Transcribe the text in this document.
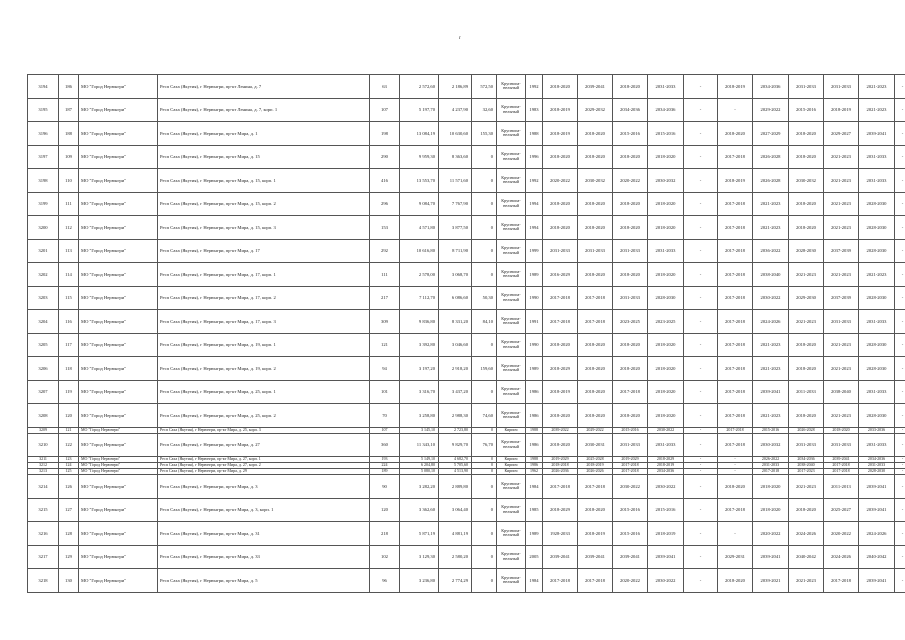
r
3194	186	МО "Город Нерюнгри"	Респ Саха (Якутия), г Нерюнгри, пр-кт Ленина, д. 7	63	2 572,60	2 186,89	572,50	Крупнопа-нельный	1992	2018-2020	2039-2041	2018-2020	2031-2033	-	2018-2019	2034-2036	2031-2033	2031-2033	2021-2023	-
3195	187	МО "Город Нерюнгри"	Респ Саха (Якутия), г Нерюнгри, пр-кт Ленина, д. 7, корп. 1	107	5 197,70	4 237,90	32,60	Крупнопа-нельный	1983	2018-2019	2029-2032	2034-2036	2034-2036	-	-	2029-2022	2015-2016	2018-2019	2021-2023	-
3196	188	МО "Город Нерюнгри"	Респ Саха (Якутия), г Нерюнгри, пр-кт Мира, д. 1	198	13 084,19	10 630,60	155,30	Крупнопа-нельный	1988	2018-2019	2018-2020	2015-2016	2015-2016	-	2018-2020	2027-2029	2018-2020	2029-2027	2039-2041	-
3197	109	МО "Город Нерюнгри"	Респ Саха (Якутия), г Нерюнгри, пр-кт Мира, д. 15	290	9 959,30	8 363,60	0	Крупнопа-нельный	1996	2018-2020	2018-2020	2018-2020	2018-2020	-	2017-2018	2026-2028	2018-2020	2021-2023	2031-2033	-
3198	110	МО "Город Нерюнгри"	Респ Саха (Якутия), г Нерюнгри, пр-кт Мира, д. 15, корп. 1	416	13 553,70	11 571,60	0	Крупнопа-нельный	1992	2020-2022	2030-2032	2020-2022	2030-2032	-	2018-2019	2026-2028	2030-2032	2021-2023	2031-2033	-
3199	111	МО "Город Нерюнгри"	Респ Саха (Якутия), г Нерюнгри, пр-кт Мира, д. 15, корп. 2	296	9 084,70	7 767,90	0	Крупнопа-нельный	1994	2018-2020	2018-2020	2018-2020	2018-2020	-	2017-2018	2021-2023	2018-2020	2021-2023	2028-2030	-
3200	112	МО "Город Нерюнгри"	Респ Саха (Якутия), г Нерюнгри, пр-кт Мира, д. 15, корп. 3	153	4 571,80	3 877,50	0	Крупнопа-нельный	1994	2018-2020	2018-2020	2018-2020	2018-2020	-	2017-2018	2021-2023	2018-2020	2021-2023	2028-2030	-
3201	113	МО "Город Нерюнгри"	Респ Саха (Якутия), г Нерюнгри, пр-кт Мира, д. 17	292	10 616,80	8 711,90	0	Крупнопа-нельный	1999	2031-2033	2031-2033	2031-2033	2031-2033	-	2017-2018	2036-2022	2028-2030	2037-2039	2028-2030	-
3202	114	МО "Город Нерюнгри"	Респ Саха (Якутия), г Нерюнгри, пр-кт Мира, д. 17, корп. 1	111	2 578,00	3 068,70	0	Крупнопа-нельный	1989	2016-2029	2018-2020	2018-2020	2018-2020	-	2017-2018	2038-2040	2021-2023	2021-2023	2021-2023	-
3203	115	МО "Город Нерюнгри"	Респ Саха (Якутия), г Нерюнгри, пр-кт Мира, д. 17, корп. 2	217	7 112,70	6 086,60	50,30	Крупнопа-нельный	1990	2017-2018	2017-2018	2031-2033	2028-2030	-	2017-2018	2030-2022	2029-2030	2037-2039	2028-2030	-
3204	116	МО "Город Нерюнгри"	Респ Саха (Якутия), г Нерюнгри, пр-кт Мира, д. 17, корп. 3	309	9 836,80	8 331,20	84,10	Крупнопа-нельный	1991	2017-2018	2017-2018	2023-2025	2023-2025	-	2017-2018	2024-2026	2021-2023	2031-2033	2031-2033	-
3205	117	МО "Город Нерюнгри"	Респ Саха (Якутия), г Нерюнгри, пр-кт Мира, д. 19, корп. 1	121	3 392,80	3 046,60	0	Крупнопа-нельный	1990	2018-2020	2018-2020	2018-2020	2018-2020	-	2017-2018	2021-2023	2018-2020	2021-2023	2028-2030	-
3206	118	МО "Город Нерюнгри"	Респ Саха (Якутия), г Нерюнгри, пр-кт Мира, д. 19, корп. 2	94	3 197,20	2 918,20	159,60	Крупнопа-нельный	1989	2018-2029	2018-2020	2018-2020	2018-2020	-	2017-2018	2021-2023	2018-2020	2021-2023	2028-2030	-
3207	119	МО "Город Нерюнгри"	Респ Саха (Якутия), г Нерюнгри, пр-кт Мира, д. 25, корп. 1	101	3 316,70	3 437,20	0	Крупнопа-нельный	1986	2018-2019	2018-2020	2017-2018	2018-2020	-	2017-2018	2039-2041	2011-2033	2038-2040	2031-2033	-
3208	120	МО "Город Нерюнгри"	Респ Саха (Якутия), г Нерюнгри, пр-кт Мира, д. 25, корп. 2	70	3 258,80	2 988,30	74,60	Крупнопа-нельный	1986	2018-2020	2018-2020	2018-2020	2018-2020	-	2017-2018	2021-2023	2018-2020	2021-2023	2028-2030	-
3209	121	МО "Город Нерюнгри"	Респ Саха (Якутия), г Нерюнгри, пр-кт Мира, д. 25, корп. 3	107	3 145,10	2 723,80	0	Кирпич	1988	2039-2022	2029-2022	2015-2016	2030-2022	-	2017-2018	2015-2016	2026-2028	2018-2020	2033-2036	-
3210	122	МО "Город Нерюнгри"	Респ Саха (Якутия), г Нерюнгри, пр-кт Мира, д. 27	360	11 343,10	9 829,70	76,70	Крупнопа-нельный	1986	2018-2020	2030-2031	2031-2033	2031-2033	-	2017-2018	2030-2032	2031-2033	2031-2033	2031-2033	-
3211	123	МО "Город Нерюнгри"	Респ Саха (Якутия), г Нерюнгри, пр-кт Мира, д. 27, корп. 1	193	5 149,10	4 682,70	0	Кирпич	1988	2019-2029	2025-2028	2019-2029	2018-2029	-	-	2026-2022	2034-2036	2039-2041	2034-2036	-
3212	124	МО "Город Нерюнгри"	Респ Саха (Якутия), г Нерюнгри, пр-кт Мира, д. 27, корп. 2	224	6 204,80	5 705,60	0	Кирпич	1986	2018-2018	2018-2019	2017-2018	2018-2019	-	-	2031-2033	2038-2040	2017-2018	2031-2033	-
3213	125	МО "Город Нерюнгри"	Респ Саха (Якутия), г Нерюнгри, пр-кт Мира, д. 29	189	5 080,10	4 513,90	0	Кирпич	1962	2026-2036	2026-2026	2017-2018	2034-2036	-	-	2017-2018	2017-2023	2017-2018	2028-2030	-
3214	126	МО "Город Нерюнгри"	Респ Саха (Якутия), г Нерюнгри, пр-кт Мира, д. 3	90	3 282,20	2 889,80	0	Крупнопа-нельный	1984	2017-2018	2017-2018	2030-2022	2030-2022	-	2018-2020	2018-2020	2021-2023	2011-2013	2039-2041	-
3215	127	МО "Город Нерюнгри"	Респ Саха (Якутия), г Нерюнгри, пр-кт Мира, д. 3, корп. 1	120	3 362,60	3 064,40	0	Крупнопа-нельный	1985	2018-2029	2018-2020	2015-2016	2015-2016	-	2017-2018	2018-2020	2018-2020	2025-2027	2039-2041	-
3216	128	МО "Город Нерюнгри"	Респ Саха (Якутия), г Нерюнгри, пр-кт Мира, д. 31	218	5 871,19	4 881,19	0	Крупнопа-нельный	1989	1928-2033	2018-2019	2015-2016	2018-2019	-	-	2020-2022	2024-2026	2020-2022	2024-2026	-
3217	129	МО "Город Нерюнгри"	Респ Саха (Якутия), г Нерюнгри, пр-кт Мира, д. 33	102	3 129,30	2 580,20	0	Крупнопа-нельный	2005	2039-2041	2039-2041	2039-2041	2039-2041	-	2029-2031	2039-2041	2040-2042	2024-2026	2040-2042	-
3218	130	МО "Город Нерюнгри"	Респ Саха (Якутия), г Нерюнгри, пр-кт Мира, д. 5	96	3 236,80	2 774,29	0	Крупнопа-нельный	1984	2017-2018	2017-2018	2020-2022	2030-2022	-	2018-2020	2039-2021	2021-2023	2017-2018	2039-2041	-
